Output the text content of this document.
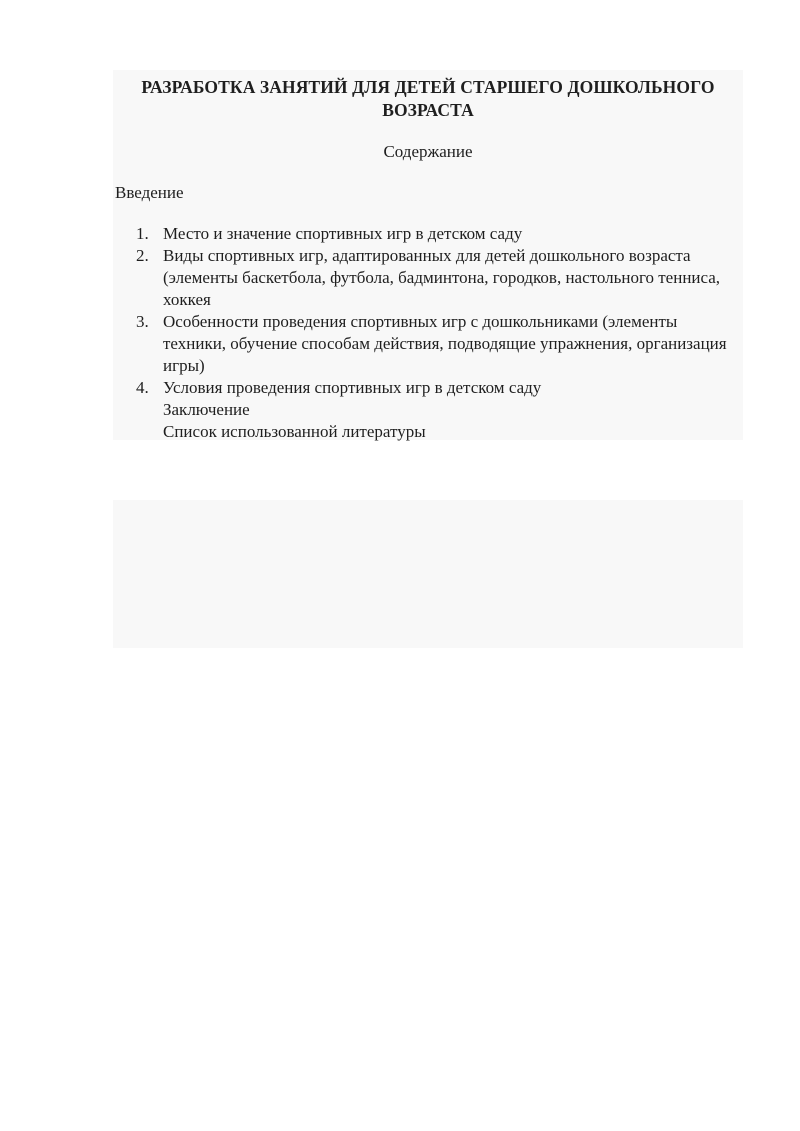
РАЗРАБОТКА ЗАНЯТИЙ ДЛЯ ДЕТЕЙ СТАРШЕГО ДОШКОЛЬНОГО
ВОЗРАСТА
Содержание
Введение
1. Место и значение спортивных игр в детском саду
2. Виды спортивных игр, адаптированных для детей дошкольного возраста (элементы баскетбола, футбола, бадминтона, городков, настольного тенниса, хоккея
3. Особенности проведения спортивных игр с дошкольниками (элементы техники, обучение способам действия, подводящие упражнения, организация игры)
4. Условия проведения спортивных игр в детском саду
Заключение
Список использованной литературы
